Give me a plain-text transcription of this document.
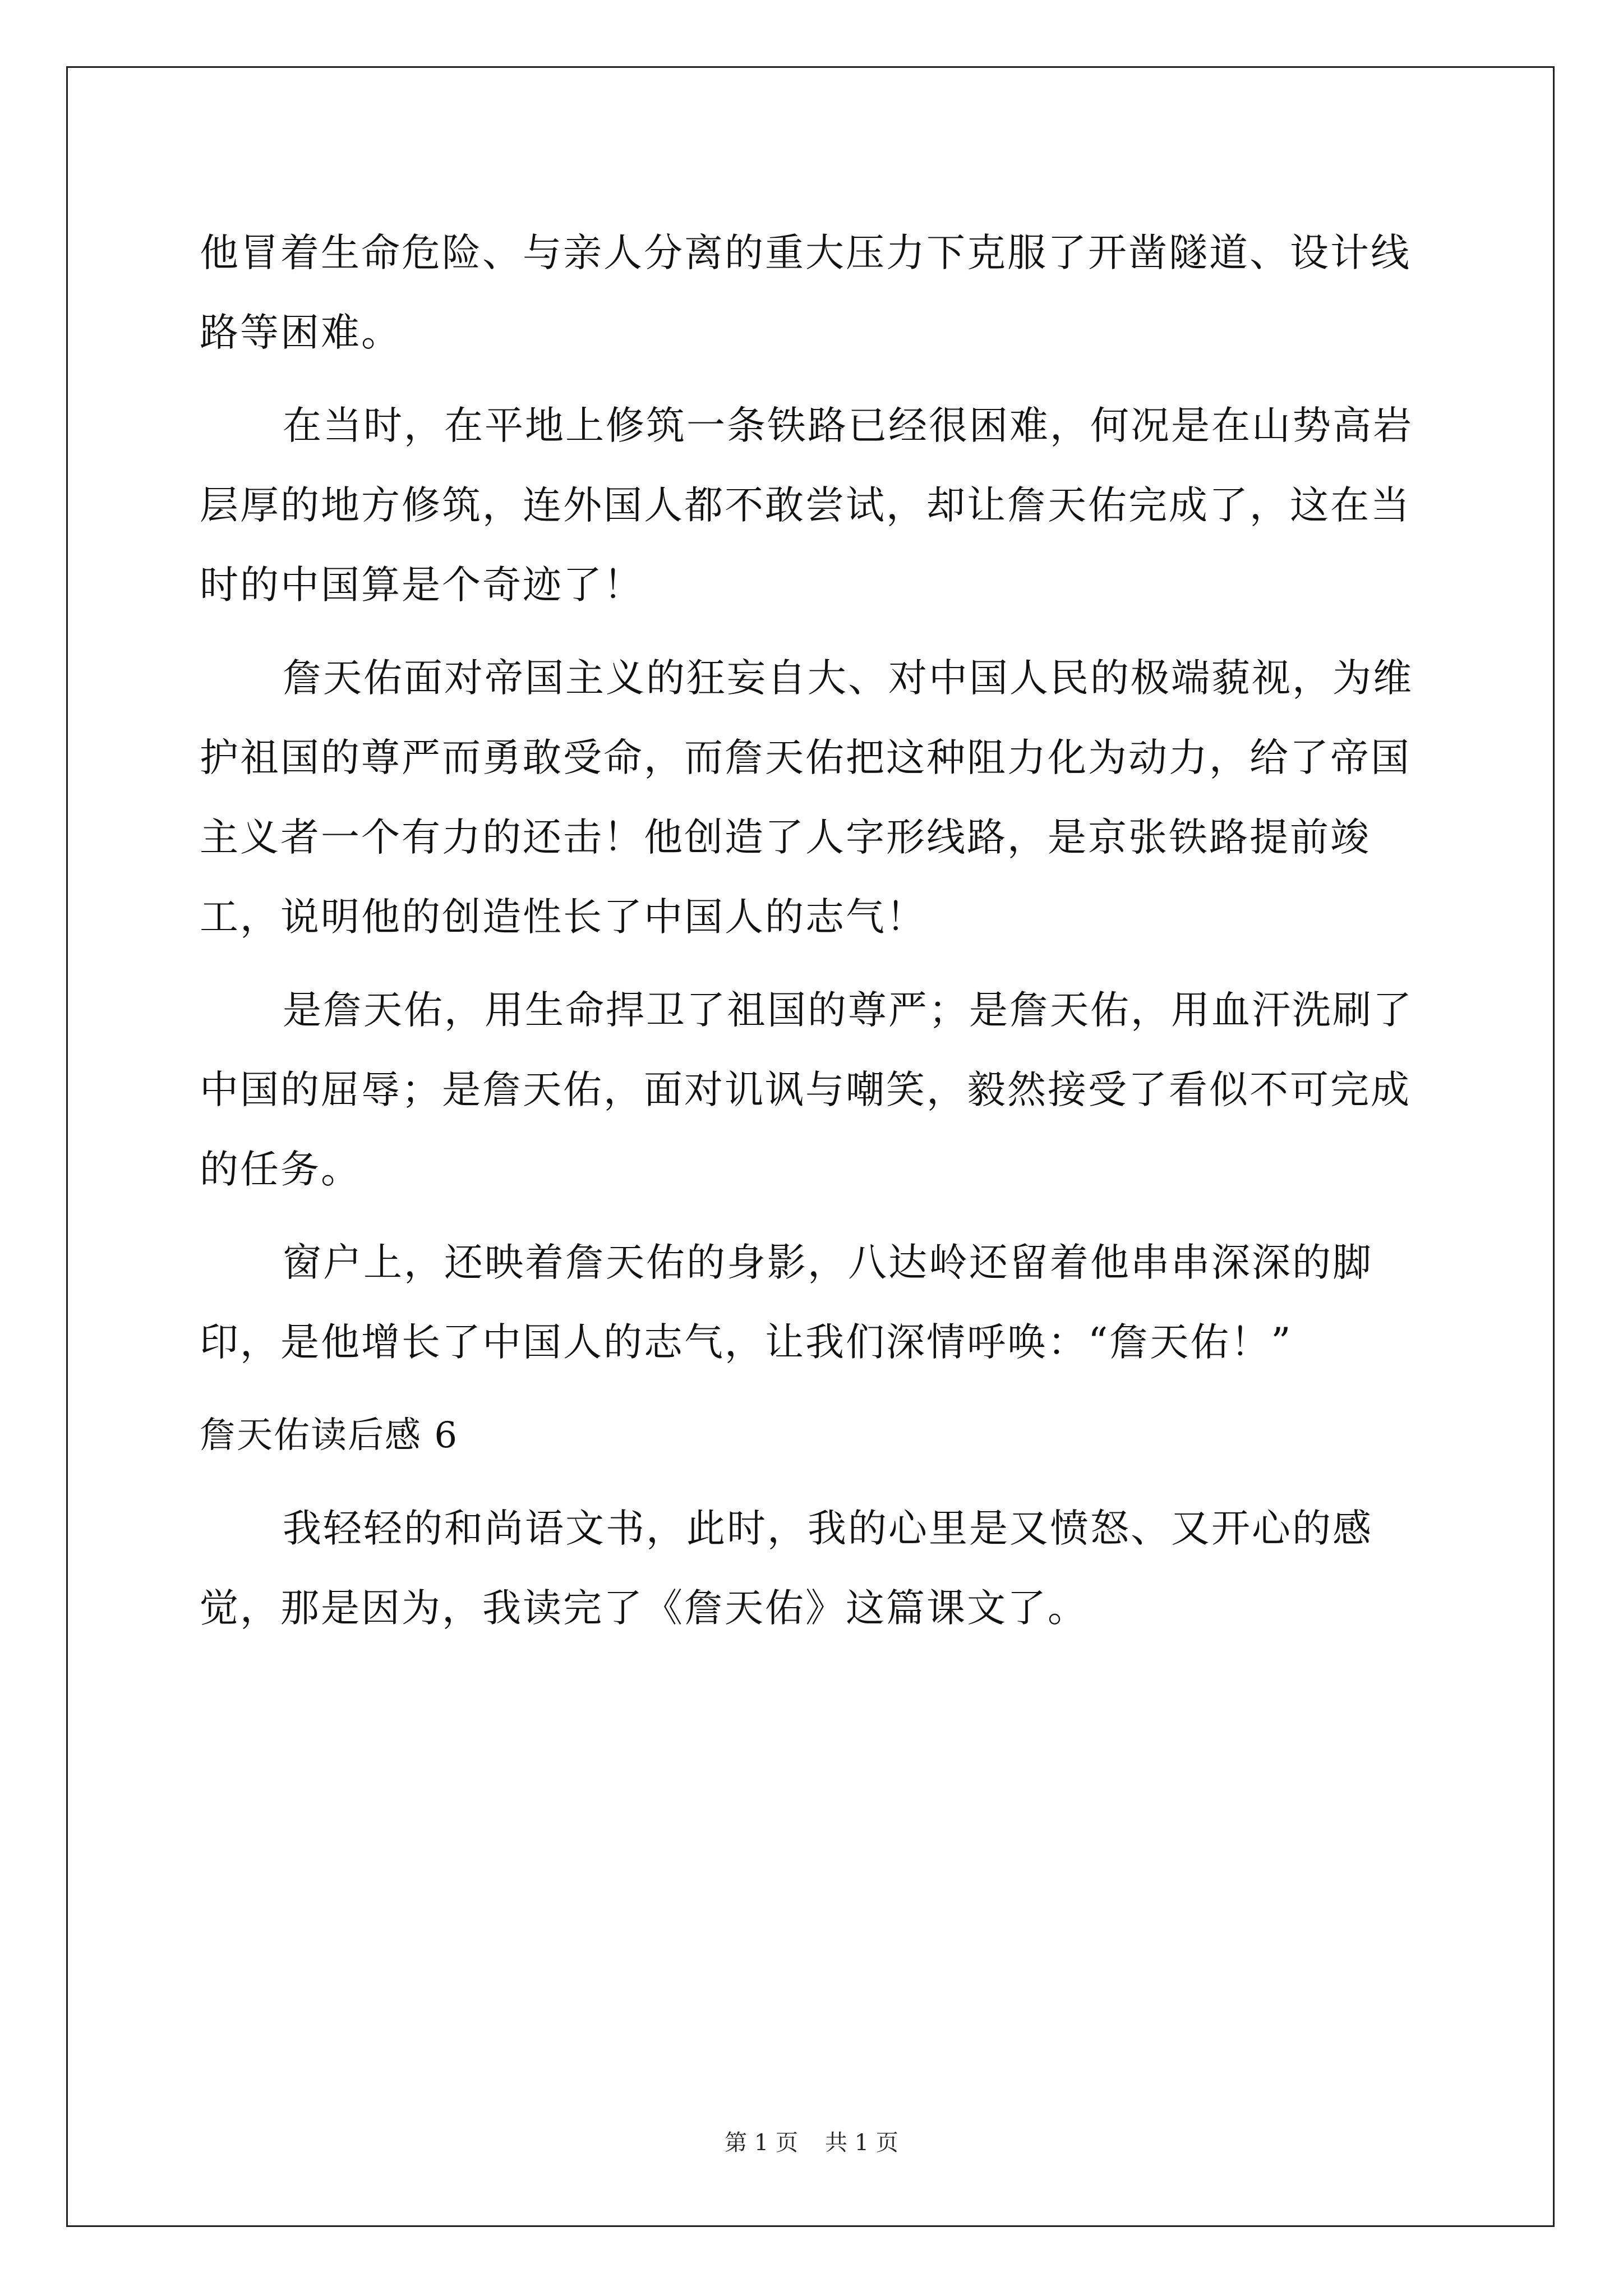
他冒着生命危险、与亲人分离的重大压力下克服了开凿隧道、设计线路等困难。

在当时，在平地上修筑一条铁路已经很困难，何况是在山势高岩层厚的地方修筑，连外国人都不敢尝试，却让詹天佑完成了，这在当时的中国算是个奇迹了！

詹天佑面对帝国主义的狂妄自大、对中国人民的极端藐视，为维护祖国的尊严而勇敢受命，而詹天佑把这种阻力化为动力，给了帝国主义者一个有力的还击！他创造了人字形线路，是京张铁路提前竣工，说明他的创造性长了中国人的志气！

是詹天佑，用生命捍卫了祖国的尊严；是詹天佑，用血汗洗刷了中国的屈辱；是詹天佑，面对讥讽与嘲笑，毅然接受了看似不可完成的任务。

窗户上，还映着詹天佑的身影，八达岭还留着他串串深深的脚印，是他增长了中国人的志气，让我们深情呼唤：“詹天佑！”

詹天佑读后感 6

我轻轻的和尚语文书，此时，我的心里是又愤怒、又开心的感觉，那是因为，我读完了《詹天佑》这篇课文了。

第 1 页 共 1 页
